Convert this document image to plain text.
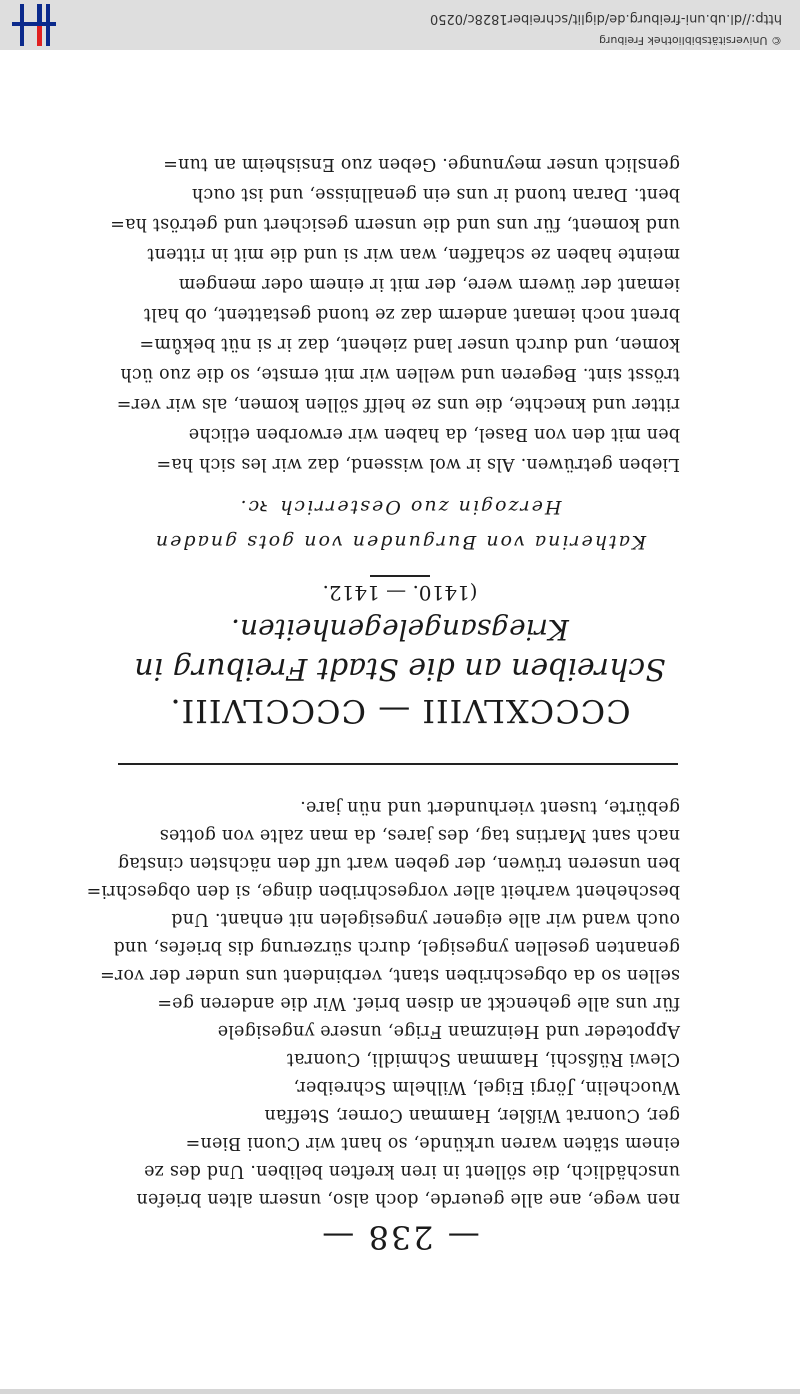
— 238 —
nen wege, ane alle geuerde, doch also, unsern alten briefen
unschädlich, die söllent in iren kreften beliben. Und des ze
einem stäten waren urkünde, so hant wir Cuoni Bien=
ger, Cuonrat Wißler, Hamman Corner, Steffan
Wuochelin, Jörgi Eigel, Wilhelm Schreiber,
Clewi Rüßschi, Hamman Schmidli, Cuonrat
Appoteder und Heinzman Frige, unsere yngesigele
für uns alle gehenckt an disen brief. Wir die anderen ge=
sellen so da obgeschriben stant, verbindent uns under der vor=
genanten gesellen yngesigel, durch sürzerung dis briefes, und
ouch wand wir alle eigener yngesigelen nit enhant. Und
beschehent warheit aller vorgeschriben dinge, si den obgeschri=
ben unseren trüwen, der geben wart uff den nächsten cinstag
nach sant Martins tag, des jares, da man zalte von gottes
gebürte, tusent vierhundert und nün jare.
CCCCXLVIII — CCCCLVIII.
Schreiben an die Stadt Freiburg in
Kriegsangelegenheiten.
(1410. — 1412.
Katherina von Burgunden von gots gnaden
Herzogin zuo Oesterrich ꝛc.
Lieben getrüwen. Als ir wol wissend, daz wir les sich ha=
ben mit den von Basel, da haben wir erworben etliche
ritter und knechte, die uns ze helff söllen komen, als wir ver=
trösst sint. Begeren und wellen wir mit ernste, so die zuo üch
komen, und durch unser land ziehent, daz ir si nüt bekům=
brent noch iemant anderm daz ze tuond gestattent, ob halt
iemant der üwern were, der mit ir einem oder mengem
meinte haben ze schaffen, wan wir si und die mit in rittent
und koment, für uns und die unsern gesichert und getröst ha=
bent. Daran tuond ir uns ein genallnisse, und ist ouch
genslich unser meynunge. Geben zuo Ensisheim an tun=
© Universitätsbibliothek Freiburg
http://dl.ub.uni-freiburg.de/diglit/schreiber1828c/0250
